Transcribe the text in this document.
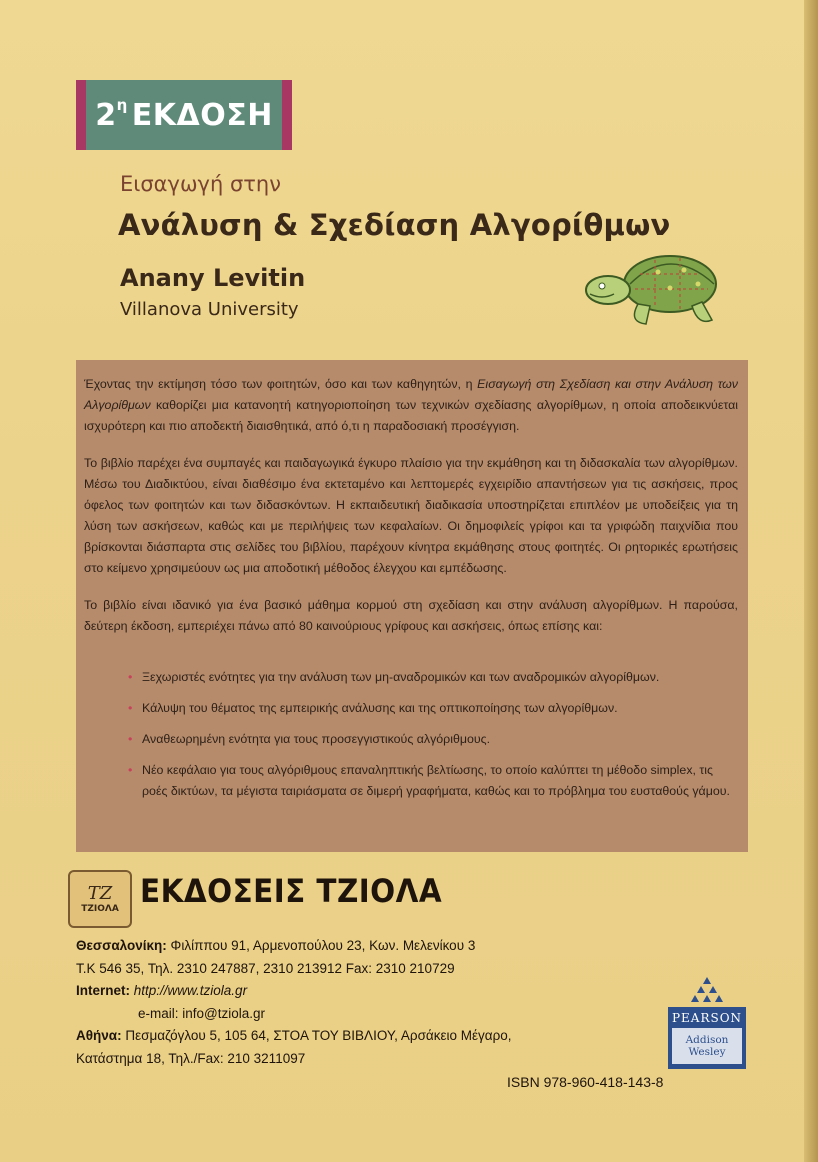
$2^\eta$ ΕΚΔΟΣΗ
Εισαγωγή στην
Ανάλυση & Σχεδίαση Αλγορίθμων
Anany Levitin
Villanova University

Έχοντας την εκτίμηση τόσο των φοιτητών, όσο και των καθηγητών, η Εισαγωγή στη Σχεδίαση και στην Ανάλυση των Αλγορίθμων καθορίζει μια κατανοητή κατηγοριοποίηση των τεχνικών σχεδίασης αλγορίθμων, η οποία αποδεικνύεται ισχυρότερη και πιο αποδεκτή διαισθητικά, από ό,τι η παραδοσιακή προσέγγιση.

Το βιβλίο παρέχει ένα συμπαγές και παιδαγωγικά έγκυρο πλαίσιο για την εκμάθηση και τη διδασκαλία των αλγορίθμων. Μέσω του Διαδικτύου, είναι διαθέσιμο ένα εκτεταμένο και λεπτομερές εγχειρίδιο απαντήσεων για τις ασκήσεις, προς όφελος των φοιτητών και των διδασκόντων. Η εκπαιδευτική διαδικασία υποστηρίζεται επιπλέον με υποδείξεις για τη λύση των ασκήσεων, καθώς και με περιλήψεις των κεφαλαίων. Οι δημοφιλείς γρίφοι και τα γριφώδη παιχνίδια που βρίσκονται διάσπαρτα στις σελίδες του βιβλίου, παρέχουν κίνητρα εκμάθησης στους φοιτητές. Οι ρητορικές ερωτήσεις στο κείμενο χρησιμεύουν ως μια αποδοτική μέθοδος έλεγχου και εμπέδωσης.

Το βιβλίο είναι ιδανικό για ένα βασικό μάθημα κορμού στη σχεδίαση και στην ανάλυση αλγορίθμων. Η παρούσα, δεύτερη έκδοση, εμπεριέχει πάνω από 80 καινούριους γρίφους και ασκήσεις, όπως επίσης και:

• Ξεχωριστές ενότητες για την ανάλυση των μη-αναδρομικών και των αναδρομικών αλγορίθμων.
• Κάλυψη του θέματος της εμπειρικής ανάλυσης και της οπτικοποίησης των αλγορίθμων.
• Αναθεωρημένη ενότητα για τους προσεγγιστικούς αλγόριθμους.
• Νέο κεφάλαιο για τους αλγόριθμους επαναληπτικής βελτίωσης, το οποίο καλύπτει τη μέθοδο simplex, τις ροές δικτύων, τα μέγιστα ταιριάσματα σε διμερή γραφήματα, καθώς και το πρόβλημα του ευσταθούς γάμου.
TZ
ΤΖΙΟΛΑ ΕΚΔΟΣΕΙΣ ΤΖΙΟΛΑ
Θεσσαλονίκη: Φιλίππου 91, Αρμενοπούλου 23, Κων. Μελενίκου 3
Τ.Κ 546 35, Τηλ. 2310 247887, 2310 213912 Fax: 2310 210729
Internet: http://www.tziola.gr
e-mail: info@tziola.gr
Αθήνα: Πεσμαζόγλου 5, 105 64, ΣΤΟΑ ΤΟΥ ΒΙΒΛΙΟΥ, Αρσάκειο Μέγαρο,
Κατάστημα 18, Τηλ./Fax: 210 3211097
PEARSON
Addison
Wesley
ISBN 978-960-418-143-8
